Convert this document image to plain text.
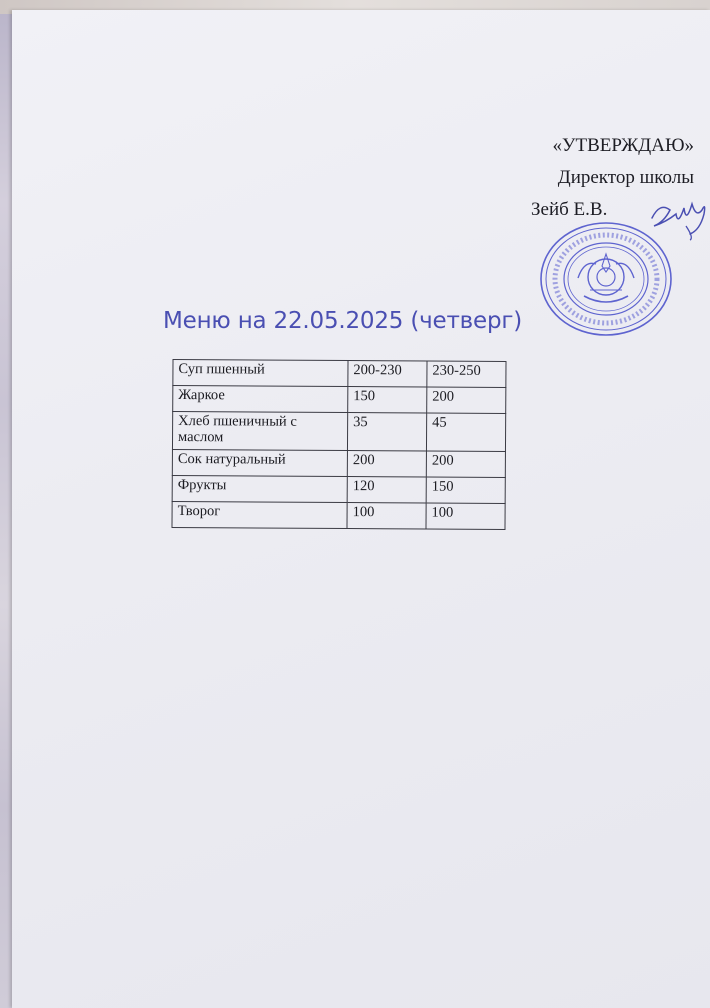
«УТВЕРЖДАЮ»
Директор школы
Зейб Е.В.
Меню на 22.05.2025 (четверг)
Суп пшенный	200-230	230-250
Жаркое	150	200
Хлеб пшеничный с маслом	35	45
Сок натуральный	200	200
Фрукты	120	150
Творог	100	100
